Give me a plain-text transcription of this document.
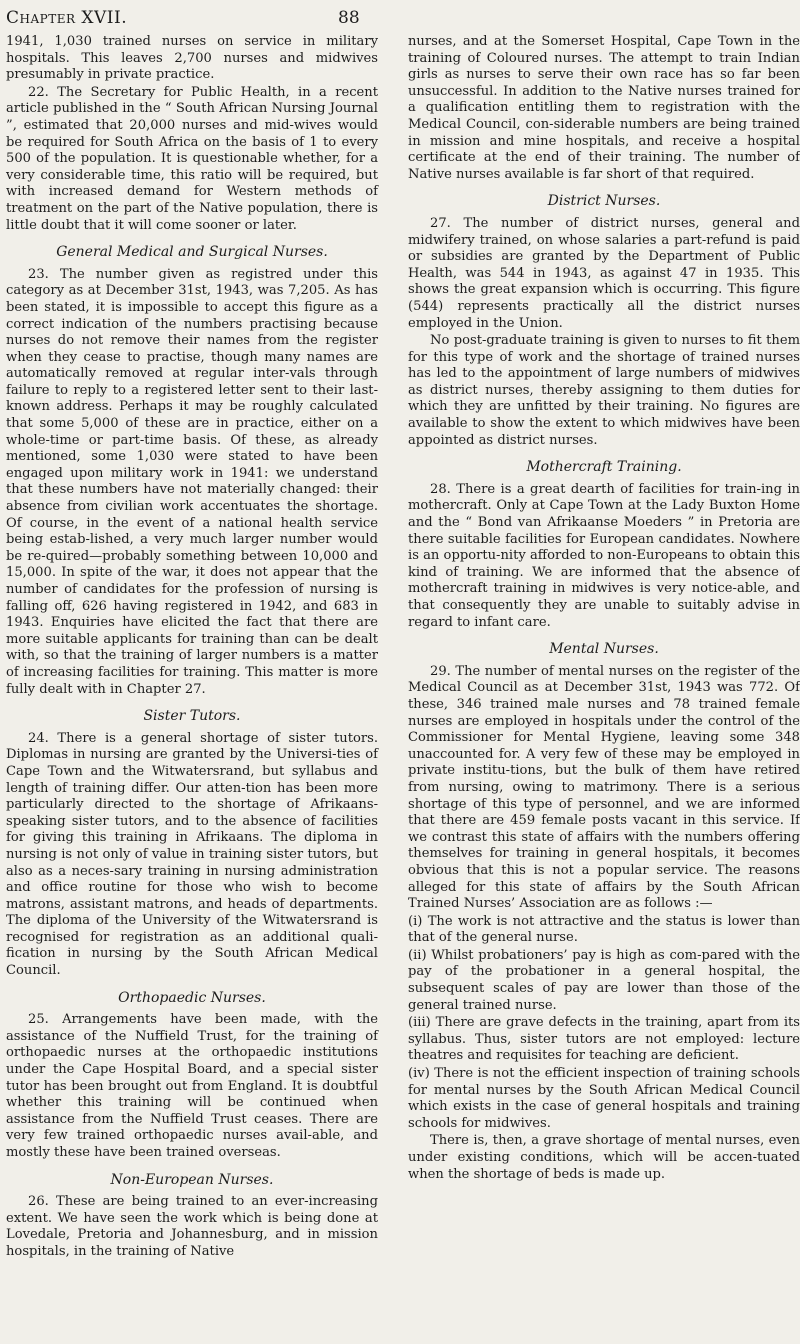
Chapter XVII.	88

1941, 1,030 trained nurses on service in military hospitals. This leaves 2,700 nurses and midwives presumably in private practice.

22. The Secretary for Public Health, in a recent article published in the “ South African Nursing Journal ”, estimated that 20,000 nurses and mid-wives would be required for South Africa on the basis of 1 to every 500 of the population. It is questionable whether, for a very considerable time, this ratio will be required, but with increased demand for Western methods of treatment on the part of the Native population, there is little doubt that it will come sooner or later.

General Medical and Surgical Nurses.

23. The number given as registred under this category as at December 31st, 1943, was 7,205. As has been stated, it is impossible to accept this figure as a correct indication of the numbers practising because nurses do not remove their names from the register when they cease to practise, though many names are automatically removed at regular inter-vals through failure to reply to a registered letter sent to their last-known address. Perhaps it may be roughly calculated that some 5,000 of these are in practice, either on a whole-time or part-time basis. Of these, as already mentioned, some 1,030 were stated to have been engaged upon military work in 1941: we understand that these numbers have not materially changed: their absence from civilian work accentuates the shortage. Of course, in the event of a national health service being estab-lished, a very much larger number would be re-quired—probably something between 10,000 and 15,000. In spite of the war, it does not appear that the number of candidates for the profession of nursing is falling off, 626 having registered in 1942, and 683 in 1943. Enquiries have elicited the fact that there are more suitable applicants for training than can be dealt with, so that the training of larger numbers is a matter of increasing facilities for training. This matter is more fully dealt with in Chapter 27.

Sister Tutors.

24. There is a general shortage of sister tutors. Diplomas in nursing are granted by the Universi-ties of Cape Town and the Witwatersrand, but syllabus and length of training differ. Our atten-tion has been more particularly directed to the shortage of Afrikaans-speaking sister tutors, and to the absence of facilities for giving this training in Afrikaans. The diploma in nursing is not only of value in training sister tutors, but also as a neces-sary training in nursing administration and office routine for those who wish to become matrons, assistant matrons, and heads of departments. The diploma of the University of the Witwatersrand is recognised for registration as an additional quali-fication in nursing by the South African Medical Council.

Orthopaedic Nurses.

25. Arrangements have been made, with the assistance of the Nuffield Trust, for the training of orthopaedic nurses at the orthopaedic institutions under the Cape Hospital Board, and a special sister tutor has been brought out from England. It is doubtful whether this training will be continued when assistance from the Nuffield Trust ceases. There are very few trained orthopaedic nurses avail-able, and mostly these have been trained overseas.

Non-European Nurses.

26. These are being trained to an ever-increasing extent. We have seen the work which is being done at Lovedale, Pretoria and Johannesburg, and in mission hospitals, in the training of Native

nurses, and at the Somerset Hospital, Cape Town in the training of Coloured nurses. The attempt to train Indian girls as nurses to serve their own race has so far been unsuccessful. In addition to the Native nurses trained for a qualification entitling them to registration with the Medical Council, con-siderable numbers are being trained in mission and mine hospitals, and receive a hospital certificate at the end of their training. The number of Native nurses available is far short of that required.

District Nurses.

27. The number of district nurses, general and midwifery trained, on whose salaries a part-refund is paid or subsidies are granted by the Department of Public Health, was 544 in 1943, as against 47 in 1935. This shows the great expansion which is occurring. This figure (544) represents practically all the district nurses employed in the Union.

No post-graduate training is given to nurses to fit them for this type of work and the shortage of trained nurses has led to the appointment of large numbers of midwives as district nurses, thereby assigning to them duties for which they are unfitted by their training. No figures are available to show the extent to which midwives have been appointed as district nurses.

Mothercraft Training.

28. There is a great dearth of facilities for train-ing in mothercraft. Only at Cape Town at the Lady Buxton Home and the “ Bond van Afrikaanse Moeders ” in Pretoria are there suitable facilities for European candidates. Nowhere is an opportu-nity afforded to non-Europeans to obtain this kind of training. We are informed that the absence of mothercraft training in midwives is very notice-able, and that consequently they are unable to suitably advise in regard to infant care.

Mental Nurses.

29. The number of mental nurses on the register of the Medical Council as at December 31st, 1943 was 772. Of these, 346 trained male nurses and 78 trained female nurses are employed in hospitals under the control of the Commissioner for Mental Hygiene, leaving some 348 unaccounted for. A very few of these may be employed in private institu-tions, but the bulk of them have retired from nursing, owing to matrimony. There is a serious shortage of this type of personnel, and we are informed that there are 459 female posts vacant in this service. If we contrast this state of affairs with the numbers offering themselves for training in general hospitals, it becomes obvious that this is not a popular service. The reasons alleged for this state of affairs by the South African Trained Nurses’ Association are as follows :—

(i) The work is not attractive and the status is lower than that of the general nurse.

(ii) Whilst probationers’ pay is high as com-pared with the pay of the probationer in a general hospital, the subsequent scales of pay are lower than those of the general trained nurse.

(iii) There are grave defects in the training, apart from its syllabus. Thus, sister tutors are not employed: lecture theatres and requisites for teaching are deficient.

(iv) There is not the efficient inspection of training schools for mental nurses by the South African Medical Council which exists in the case of general hospitals and training schools for midwives.

There is, then, a grave shortage of mental nurses, even under existing conditions, which will be accen-tuated when the shortage of beds is made up.
